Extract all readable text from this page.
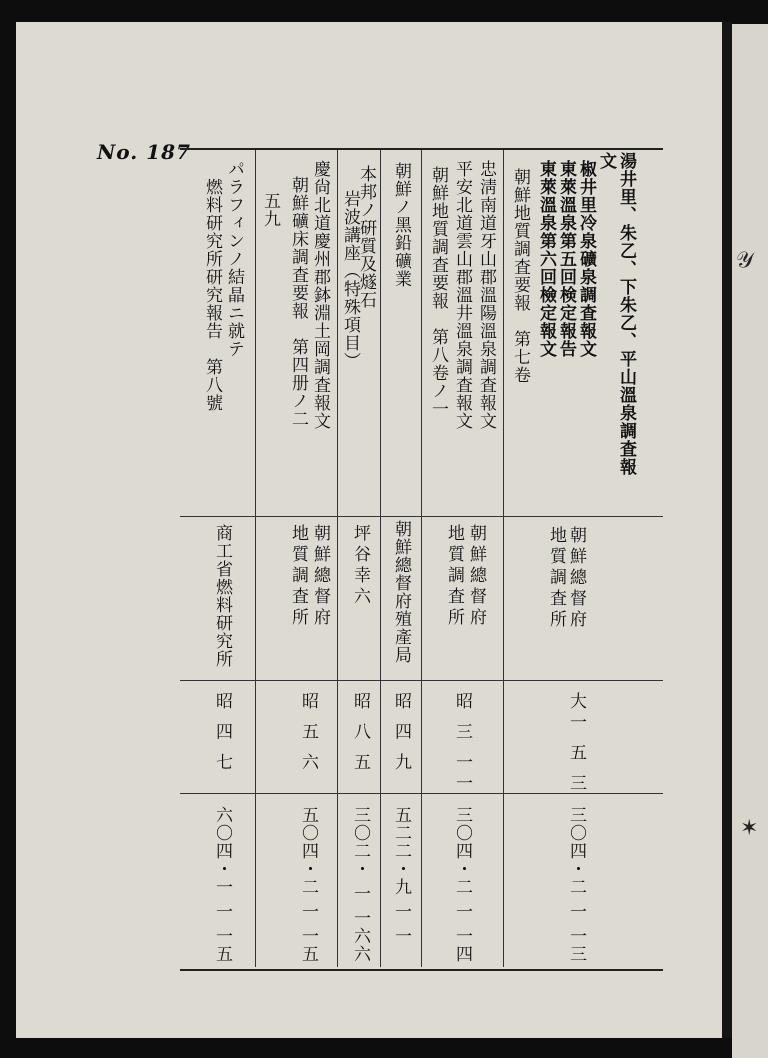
𝒴
✶
No. 187	湯井里、朱乙、下朱乙、平山溫泉調査報
文
椒井里冷泉礦泉調査報文
東萊溫泉第五回検定報告
東萊溫泉第六回檢定報文
朝鮮地質調査要報　第七卷
朝鮮總督府
地質調査所
大一 五 三
三〇四・二 一 一三
忠淸南道牙山郡溫陽溫泉調査報文
平安北道雲山郡溫井溫泉調査報文
朝鮮地質調査要報　第八卷ノ一
朝鮮總督府
地質調査所
昭 三 一一
三〇四・二 一 一四
朝鮮ノ黑鉛礦業
朝鮮總督府殖產局
昭 四 九
五二二・九 一 一
本邦ノ硏質及燧石
岩波講座（特殊項目）
坪谷幸六
昭 八 五
三〇二・ 一 一六六
慶尙北道慶州郡鉢淵土岡調査報文
朝鮮礦床調査要報　第四册ノ二
朝鮮總督府
地質調査所
昭 五 六
五〇四・二 一 一五
五九
パラフィンノ結晶ニ就テ
燃料研究所研究報告　第八號
商工省燃料研究所
昭 四 七
六〇四・一 一 一五
